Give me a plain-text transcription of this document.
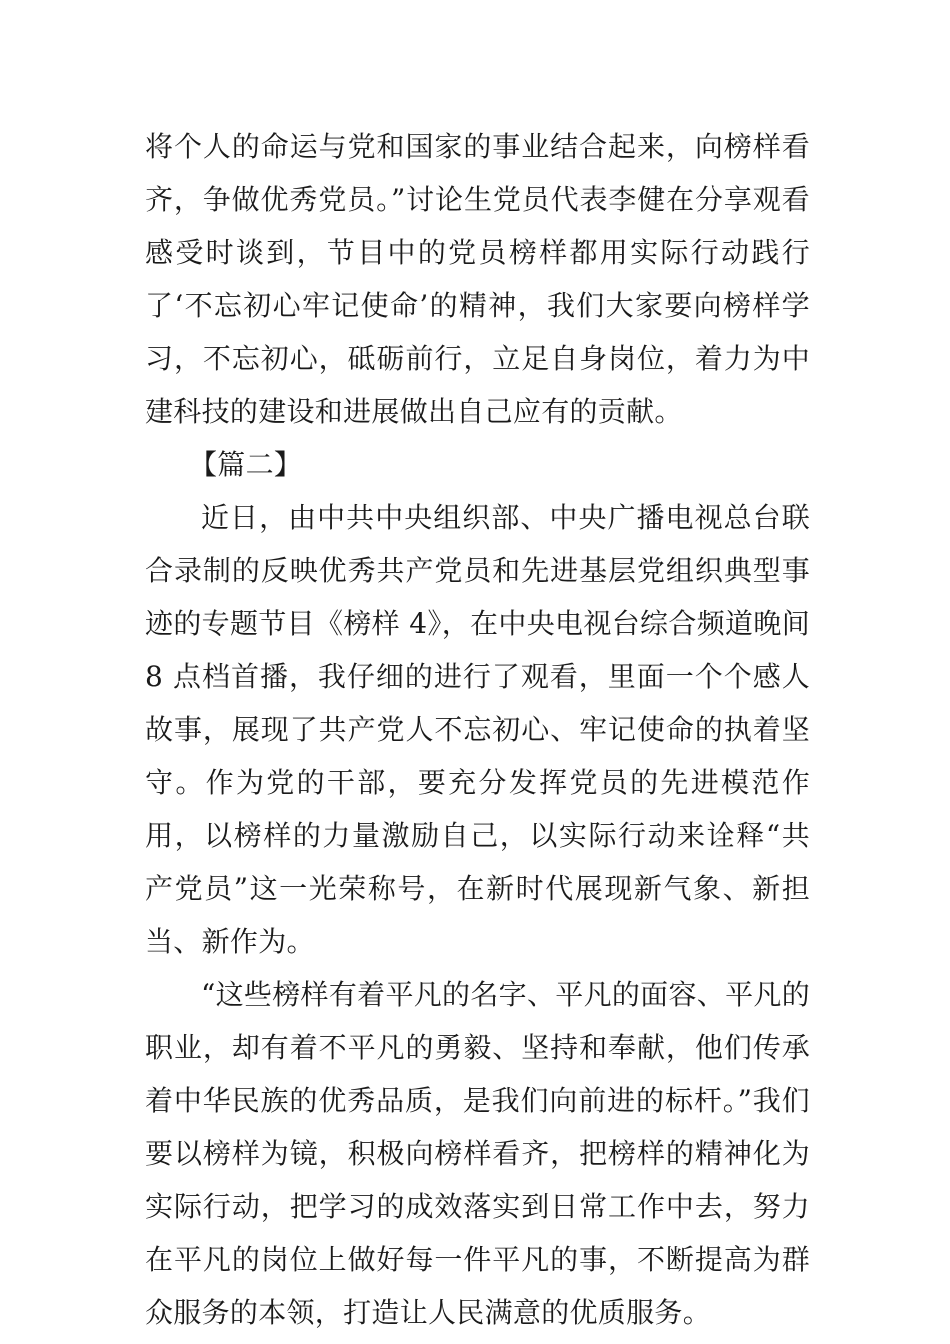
将个人的命运与党和国家的事业结合起来，向榜样看齐，争做优秀党员。”讨论生党员代表李健在分享观看感受时谈到，节目中的党员榜样都用实际行动践行了‘不忘初心牢记使命’的精神，我们大家要向榜样学习，不忘初心，砥砺前行，立足自身岗位，着力为中建科技的建设和进展做出自己应有的贡献。

【篇二】

近日，由中共中央组织部、中央广播电视总台联合录制的反映优秀共产党员和先进基层党组织典型事迹的专题节目《榜样 4》，在中央电视台综合频道晚间 8 点档首播，我仔细的进行了观看，里面一个个感人故事，展现了共产党人不忘初心、牢记使命的执着坚守。作为党的干部，要充分发挥党员的先进模范作用，以榜样的力量激励自己，以实际行动来诠释“共产党员”这一光荣称号，在新时代展现新气象、新担当、新作为。

“这些榜样有着平凡的名字、平凡的面容、平凡的职业，却有着不平凡的勇毅、坚持和奉献，他们传承着中华民族的优秀品质，是我们向前进的标杆。”我们要以榜样为镜，积极向榜样看齐，把榜样的精神化为实际行动，把学习的成效落实到日常工作中去，努力在平凡的岗位上做好每一件平凡的事，不断提高为群众服务的本领，打造让人民满意的优质服务。
